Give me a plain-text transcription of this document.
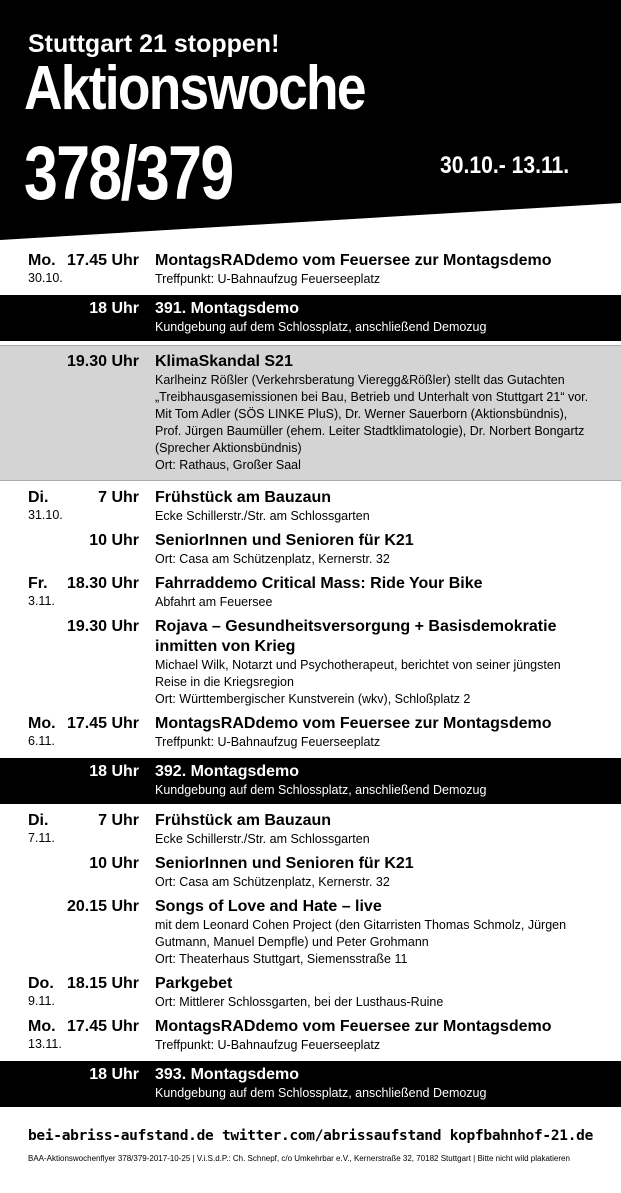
Stuttgart 21 stoppen!
Aktionswoche
378/379	30.10.- 13.11.
Mo.
30.10.
17.45 Uhr MontagsRADdemo vom Feuersee zur Montagsdemo
Treffpunkt: U-Bahnaufzug Feuerseeplatz
18 Uhr 391. Montagsdemo
Kundgebung auf dem Schlossplatz, anschließend Demozug
19.30 Uhr KlimaSkandal S21
Karlheinz Rößler (Verkehrsberatung Vieregg&Rößler) stellt das Gutachten „Treibhausgasemissionen bei Bau, Betrieb und Unterhalt von Stuttgart 21“ vor. Mit Tom Adler (SÖS LINKE PluS), Dr. Werner Sauerborn (Aktionsbündnis), Prof. Jürgen Baumüller (ehem. Leiter Stadtklimatologie), Dr. Norbert Bongartz (Sprecher Aktionsbündnis)
Ort: Rathaus, Großer Saal
Di.
31.10.
7 Uhr Frühstück am Bauzaun
Ecke Schillerstr./Str. am Schlossgarten
10 Uhr SeniorInnen und Senioren für K21
Ort: Casa am Schützenplatz, Kernerstr. 32
Fr.
3.11.
18.30 Uhr Fahrraddemo Critical Mass: Ride Your Bike
Abfahrt am Feuersee
19.30 Uhr Rojava – Gesundheitsversorgung + Basisdemokratie inmitten von Krieg
Michael Wilk, Notarzt und Psychotherapeut, berichtet von seiner jüngsten Reise in die Kriegsregion
Ort: Württembergischer Kunstverein (wkv), Schloßplatz 2
Mo.
6.11.
17.45 Uhr MontagsRADdemo vom Feuersee zur Montagsdemo
Treffpunkt: U-Bahnaufzug Feuerseeplatz
18 Uhr 392. Montagsdemo
Kundgebung auf dem Schlossplatz, anschließend Demozug
Di.
7.11.
7 Uhr Frühstück am Bauzaun
Ecke Schillerstr./Str. am Schlossgarten
10 Uhr SeniorInnen und Senioren für K21
Ort: Casa am Schützenplatz, Kernerstr. 32
20.15 Uhr Songs of Love and Hate – live
mit dem Leonard Cohen Project (den Gitarristen Thomas Schmolz, Jürgen Gutmann, Manuel Dempfle) und Peter Grohmann
Ort: Theaterhaus Stuttgart, Siemensstraße 11
Do.
9.11.
18.15 Uhr Parkgebet
Ort: Mittlerer Schlossgarten, bei der Lusthaus-Ruine
Mo.
13.11.
17.45 Uhr MontagsRADdemo vom Feuersee zur Montagsdemo
Treffpunkt: U-Bahnaufzug Feuerseeplatz
18 Uhr 393. Montagsdemo
Kundgebung auf dem Schlossplatz, anschließend Demozug
bei-abriss-aufstand.de twitter.com/abrissaufstand kopfbahnhof-21.de
BAA-Aktionswochenflyer 378/379-2017-10-25 | V.i.S.d.P.: Ch. Schnepf, c/o Umkehrbar e.V., Kernerstraße 32, 70182 Stuttgart | Bitte nicht wild plakatieren
